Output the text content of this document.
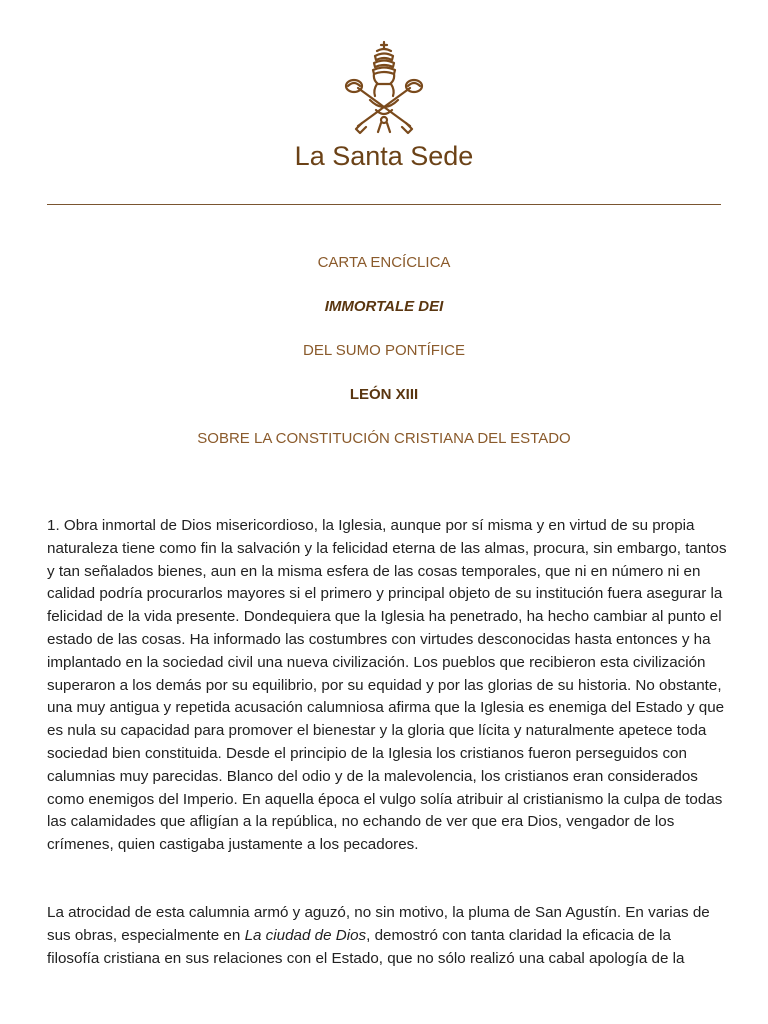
La Santa Sede
CARTA ENCÍCLICA
IMMORTALE DEI
DEL SUMO PONTÍFICE
LEÓN XIII
SOBRE LA CONSTITUCIÓN CRISTIANA DEL ESTADO

1. Obra inmortal de Dios misericordioso, la Iglesia, aunque por sí misma y en virtud de su propia naturaleza tiene como fin la salvación y la felicidad eterna de las almas, procura, sin embargo, tantos y tan señalados bienes, aun en la misma esfera de las cosas temporales, que ni en número ni en calidad podría procurarlos mayores si el primero y principal objeto de su institución fuera asegurar la felicidad de la vida presente. Dondequiera que la Iglesia ha penetrado, ha hecho cambiar al punto el estado de las cosas. Ha informado las costumbres con virtudes desconocidas hasta entonces y ha implantado en la sociedad civil una nueva civilización. Los pueblos que recibieron esta civilización superaron a los demás por su equilibrio, por su equidad y por las glorias de su historia. No obstante, una muy antigua y repetida acusación calumniosa afirma que la Iglesia es enemiga del Estado y que es nula su capacidad para promover el bienestar y la gloria que lícita y naturalmente apetece toda sociedad bien constituida. Desde el principio de la Iglesia los cristianos fueron perseguidos con calumnias muy parecidas. Blanco del odio y de la malevolencia, los cristianos eran considerados como enemigos del Imperio. En aquella época el vulgo solía atribuir al cristianismo la culpa de todas las calamidades que afligían a la república, no echando de ver que era Dios, vengador de los crímenes, quien castigaba justamente a los pecadores.

La atrocidad de esta calumnia armó y aguzó, no sin motivo, la pluma de San Agustín. En varias de sus obras, especialmente en La ciudad de Dios, demostró con tanta claridad la eficacia de la filosofía cristiana en sus relaciones con el Estado, que no sólo realizó una cabal apología de la
